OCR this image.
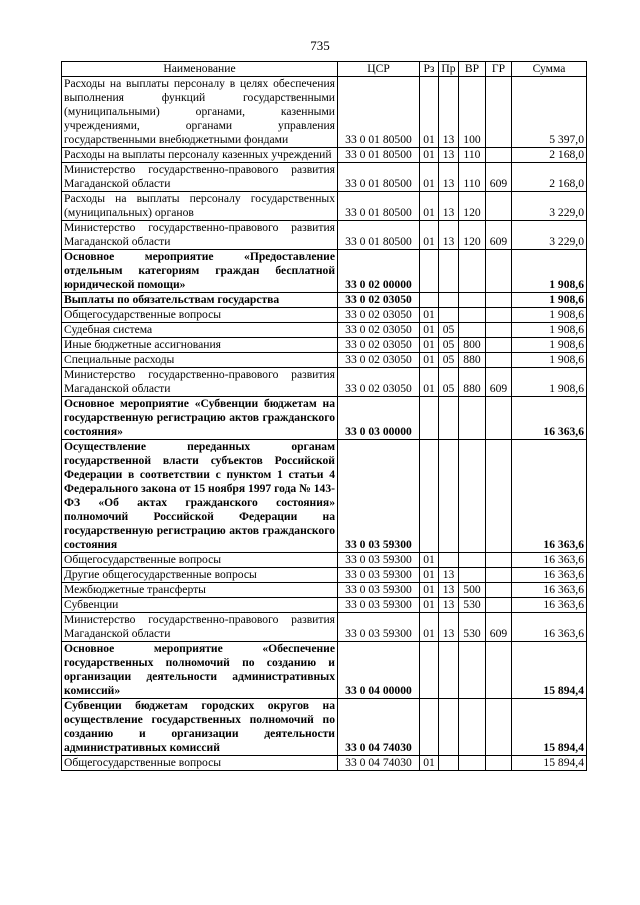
735
Наименование	ЦСР	Рз	Пр	ВР	ГР	Сумма
Расходы на выплаты персоналу в целях обеспечения выполнения функций государственными (муниципальными) органами, казенными учреждениями, органами управления государственными внебюджетными фондами	33 0 01 80500	01	13	100		5 397,0
Расходы на выплаты персоналу казенных учреждений	33 0 01 80500	01	13	110		2 168,0
Министерство государственно-правового развития Магаданской области	33 0 01 80500	01	13	110	609	2 168,0
Расходы на выплаты персоналу государственных (муниципальных) органов	33 0 01 80500	01	13	120		3 229,0
Министерство государственно-правового развития Магаданской области	33 0 01 80500	01	13	120	609	3 229,0
Основное мероприятие «Предоставление отдельным категориям граждан бесплатной юридической помощи»	33 0 02 00000					1 908,6
Выплаты по обязательствам государства	33 0 02 03050					1 908,6
Общегосударственные вопросы	33 0 02 03050	01				1 908,6
Судебная система	33 0 02 03050	01	05			1 908,6
Иные бюджетные ассигнования	33 0 02 03050	01	05	800		1 908,6
Специальные расходы	33 0 02 03050	01	05	880		1 908,6
Министерство государственно-правового развития Магаданской области	33 0 02 03050	01	05	880	609	1 908,6
Основное мероприятие «Субвенции бюджетам на государственную регистрацию актов гражданского состояния»	33 0 03 00000					16 363,6
Осуществление переданных органам государственной власти субъектов Российской Федерации в соответствии с пунктом 1 статьи 4 Федерального закона от 15 ноября 1997 года № 143-ФЗ «Об актах гражданского состояния» полномочий Российской Федерации на государственную регистрацию актов гражданского состояния	33 0 03 59300					16 363,6
Общегосударственные вопросы	33 0 03 59300	01				16 363,6
Другие общегосударственные вопросы	33 0 03 59300	01	13			16 363,6
Межбюджетные трансферты	33 0 03 59300	01	13	500		16 363,6
Субвенции	33 0 03 59300	01	13	530		16 363,6
Министерство государственно-правового развития Магаданской области	33 0 03 59300	01	13	530	609	16 363,6
Основное мероприятие «Обеспечение государственных полномочий по созданию и организации деятельности административных комиссий»	33 0 04 00000					15 894,4
Субвенции бюджетам городских округов на осуществление государственных полномочий по созданию и организации деятельности административных комиссий	33 0 04 74030					15 894,4
Общегосударственные вопросы	33 0 04 74030	01				15 894,4
